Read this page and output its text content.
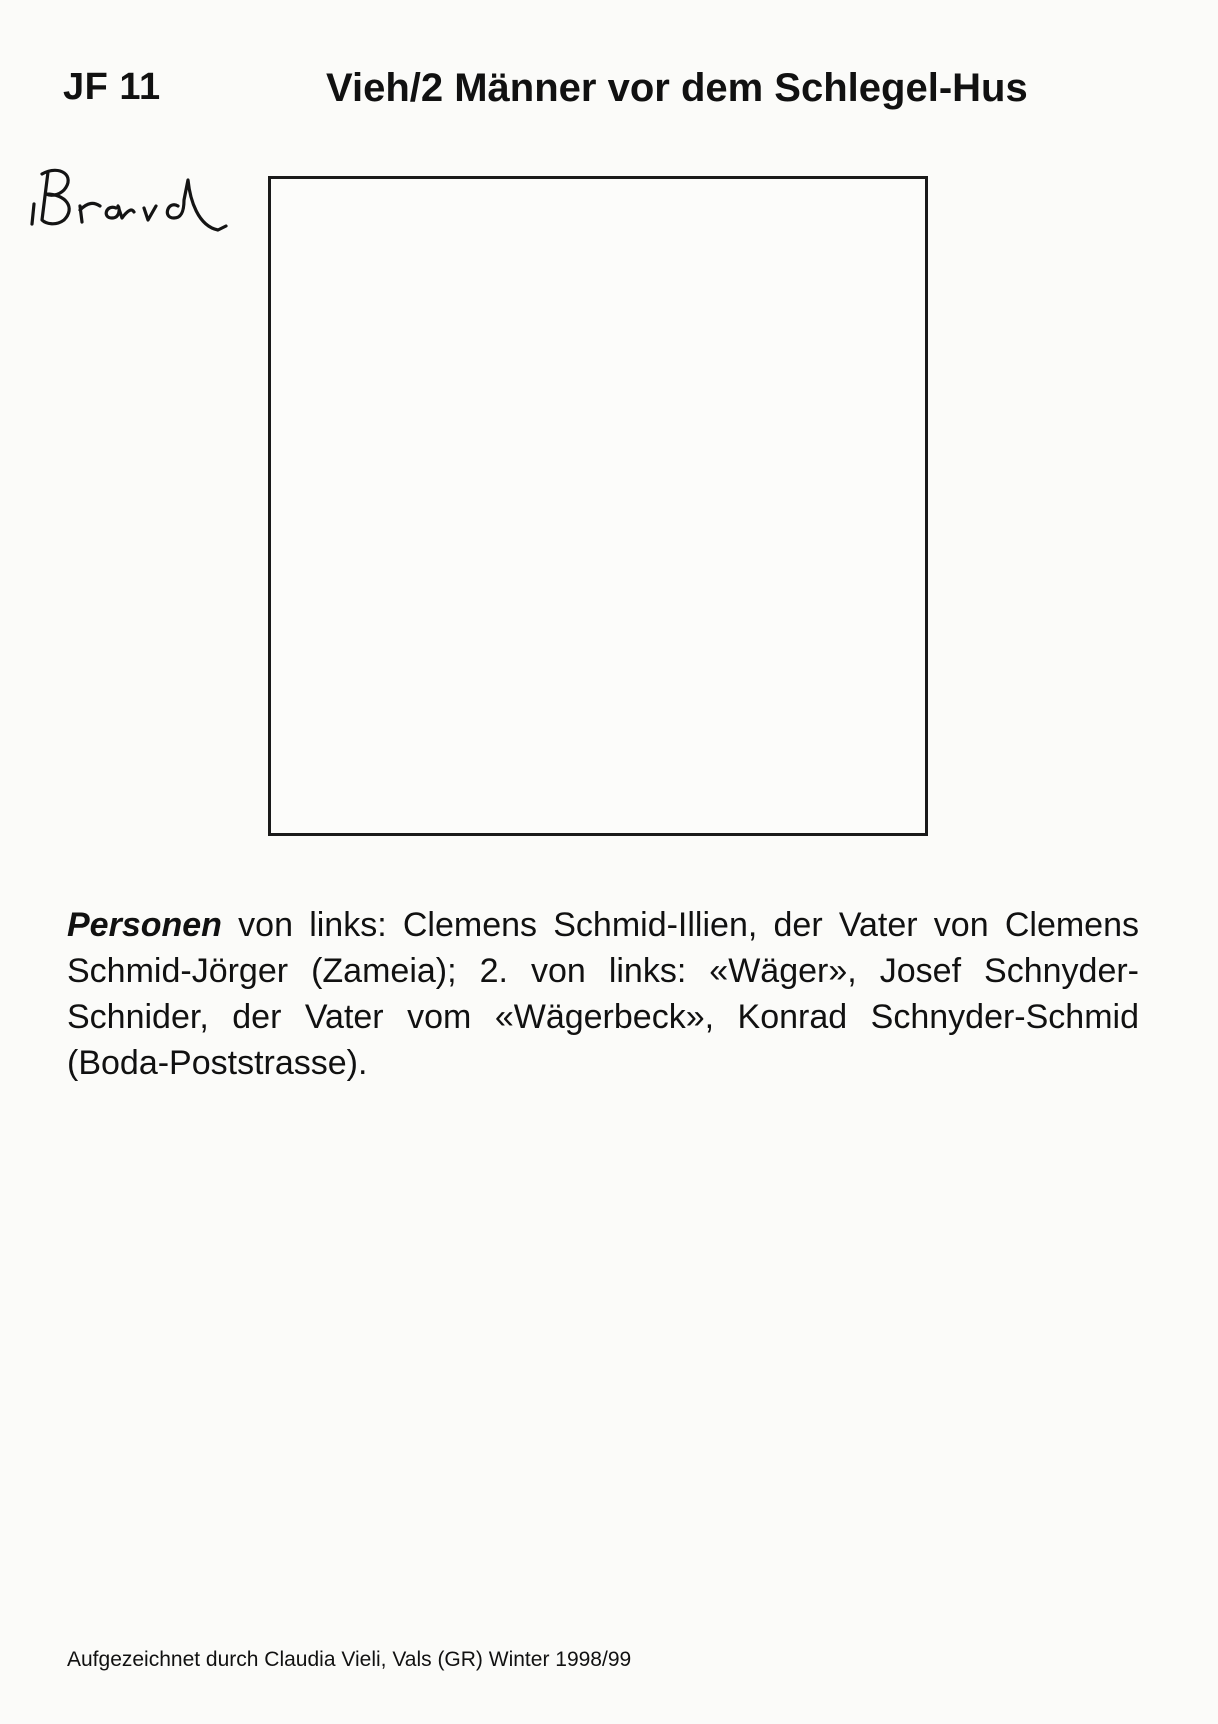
JF 11	Vieh/2 Männer vor dem Schlegel-Hus

Personen von links: Clemens Schmid-Illien, der Vater von Clemens Schmid-Jörger (Zameia); 2. von links: «Wäger», Josef Schnyder-Schnider, der Vater vom «Wägerbeck», Konrad Schnyder-Schmid (Boda-Poststrasse).

Aufgezeichnet durch Claudia Vieli, Vals (GR) Winter 1998/99
